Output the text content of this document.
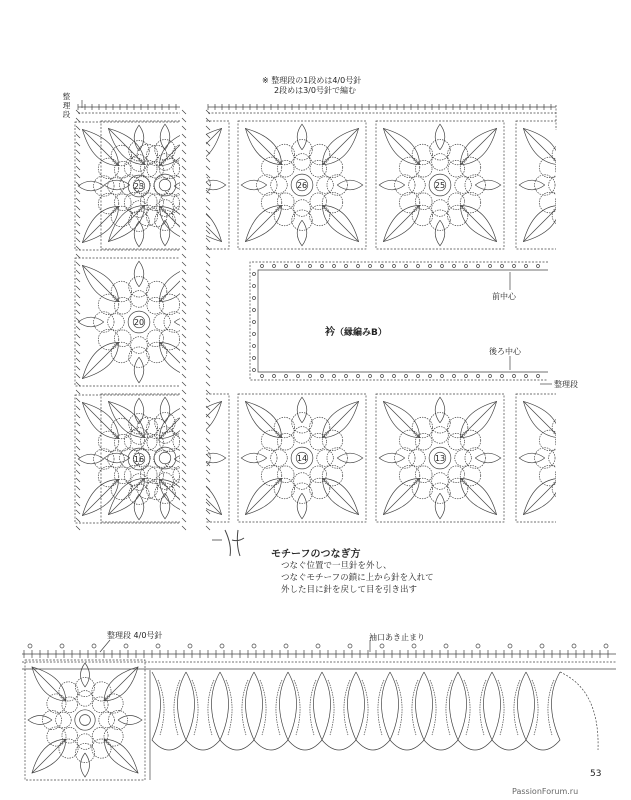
23
20
16
26	25
14	13
※ 整理段の1段めは4/0号針
2段めは3/0号針で編む
整理段
前中心
後ろ中心
整理段
衿（縁編みB）
モチーフのつなぎ方
つなぐ位置で一旦針を外し、
つなぐモチーフの鎖に上から針を入れて
外した目に針を戻して目を引き出す
整理段 4/0号針	袖口あき止まり
53
PassionForum.ru
